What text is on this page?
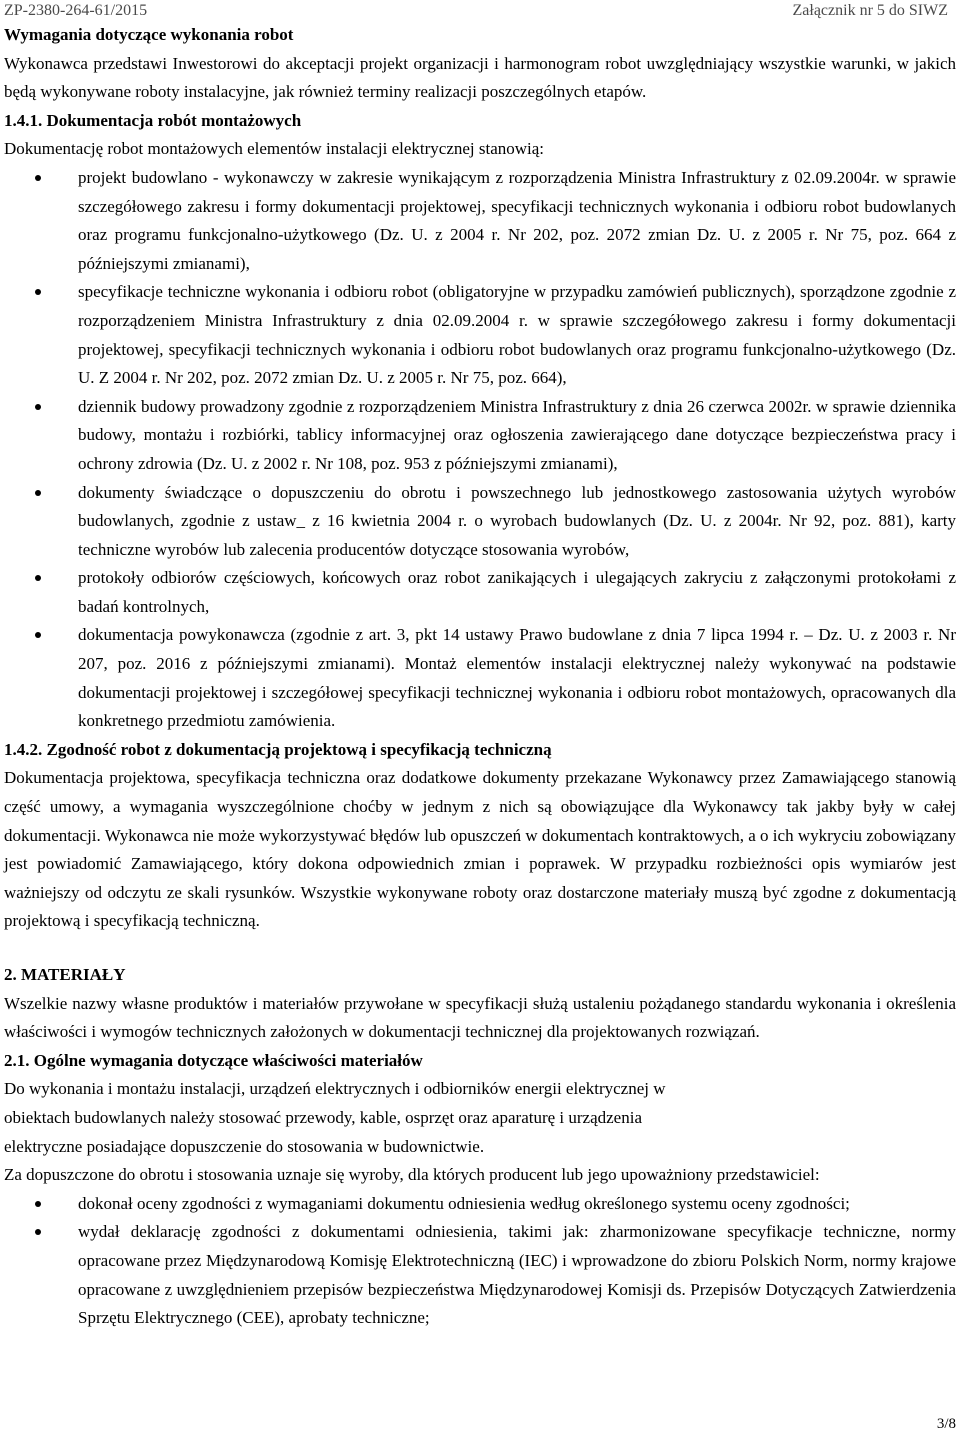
ZP-2380-264-61/2015	Załącznik nr 5 do SIWZ

Wymagania dotyczące wykonania robot

Wykonawca przedstawi Inwestorowi do akceptacji projekt organizacji i harmonogram robot uwzględniający wszystkie warunki, w jakich będą wykonywane roboty instalacyjne, jak również terminy realizacji poszczególnych etapów.

1.4.1. Dokumentacja robót montażowych

Dokumentację robot montażowych elementów instalacji elektrycznej stanowią:

projekt budowlano - wykonawczy w zakresie wynikającym z rozporządzenia Ministra Infrastruktury z 02.09.2004r. w sprawie szczegółowego zakresu i formy dokumentacji projektowej, specyfikacji technicznych wykonania i odbioru robot budowlanych oraz programu funkcjonalno-użytkowego (Dz. U. z 2004 r. Nr 202, poz. 2072 zmian Dz. U. z 2005 r. Nr 75, poz. 664 z późniejszymi zmianami),
specyfikacje techniczne wykonania i odbioru robot (obligatoryjne w przypadku zamówień publicznych), sporządzone zgodnie z rozporządzeniem Ministra Infrastruktury z dnia 02.09.2004 r. w sprawie szczegółowego zakresu i formy dokumentacji projektowej, specyfikacji technicznych wykonania i odbioru robot budowlanych oraz programu funkcjonalno-użytkowego (Dz. U. Z 2004 r. Nr 202, poz. 2072 zmian Dz. U. z 2005 r. Nr 75, poz. 664),
dziennik budowy prowadzony zgodnie z rozporządzeniem Ministra Infrastruktury z dnia 26 czerwca 2002r. w sprawie dziennika budowy, montażu i rozbiórki, tablicy informacyjnej oraz ogłoszenia zawierającego dane dotyczące bezpieczeństwa pracy i ochrony zdrowia (Dz. U. z 2002 r. Nr 108, poz. 953 z późniejszymi zmianami),
dokumenty świadczące o dopuszczeniu do obrotu i powszechnego lub jednostkowego zastosowania użytych wyrobów budowlanych, zgodnie z ustaw_ z 16 kwietnia 2004 r. o wyrobach budowlanych (Dz. U. z 2004r. Nr 92, poz. 881), karty techniczne wyrobów lub zalecenia producentów dotyczące stosowania wyrobów,
protokoły odbiorów częściowych, końcowych oraz robot zanikających i ulegających zakryciu z załączonymi protokołami z badań kontrolnych,
dokumentacja powykonawcza (zgodnie z art. 3, pkt 14 ustawy Prawo budowlane z dnia 7 lipca 1994 r. – Dz. U. z 2003 r. Nr 207, poz. 2016 z późniejszymi zmianami). Montaż elementów instalacji elektrycznej należy wykonywać na podstawie dokumentacji projektowej i szczegółowej specyfikacji technicznej wykonania i odbioru robot montażowych, opracowanych dla konkretnego przedmiotu zamówienia.

1.4.2. Zgodność robot z dokumentacją projektową i specyfikacją techniczną

Dokumentacja projektowa, specyfikacja techniczna oraz dodatkowe dokumenty przekazane Wykonawcy przez Zamawiającego stanowią część umowy, a wymagania wyszczególnione choćby w jednym z nich są obowiązujące dla Wykonawcy tak jakby były w całej dokumentacji. Wykonawca nie może wykorzystywać błędów lub opuszczeń w dokumentach kontraktowych, a o ich wykryciu zobowiązany jest powiadomić Zamawiającego, który dokona odpowiednich zmian i poprawek. W przypadku rozbieżności opis wymiarów jest ważniejszy od odczytu ze skali rysunków. Wszystkie wykonywane roboty oraz dostarczone materiały muszą być zgodne z dokumentacją projektową i specyfikacją techniczną.

2. MATERIAŁY

Wszelkie nazwy własne produktów i materiałów przywołane w specyfikacji służą ustaleniu pożądanego standardu wykonania i określenia właściwości i wymogów technicznych założonych w dokumentacji technicznej dla projektowanych rozwiązań.

2.1. Ogólne wymagania dotyczące właściwości materiałów

Do wykonania i montażu instalacji, urządzeń elektrycznych i odbiorników energii elektrycznej w

obiektach budowlanych należy stosować przewody, kable, osprzęt oraz aparaturę i urządzenia

elektryczne posiadające dopuszczenie do stosowania w budownictwie.

Za dopuszczone do obrotu i stosowania uznaje się wyroby, dla których producent lub jego upoważniony przedstawiciel:

dokonał oceny zgodności z wymaganiami dokumentu odniesienia według określonego systemu oceny zgodności;
wydał deklarację zgodności z dokumentami odniesienia, takimi jak: zharmonizowane specyfikacje techniczne, normy opracowane przez Międzynarodową Komisję Elektrotechniczną (IEC) i wprowadzone do zbioru Polskich Norm, normy krajowe opracowane z uwzględnieniem przepisów bezpieczeństwa Międzynarodowej Komisji ds. Przepisów Dotyczących Zatwierdzenia Sprzętu Elektrycznego (CEE), aprobaty techniczne;
3/8
